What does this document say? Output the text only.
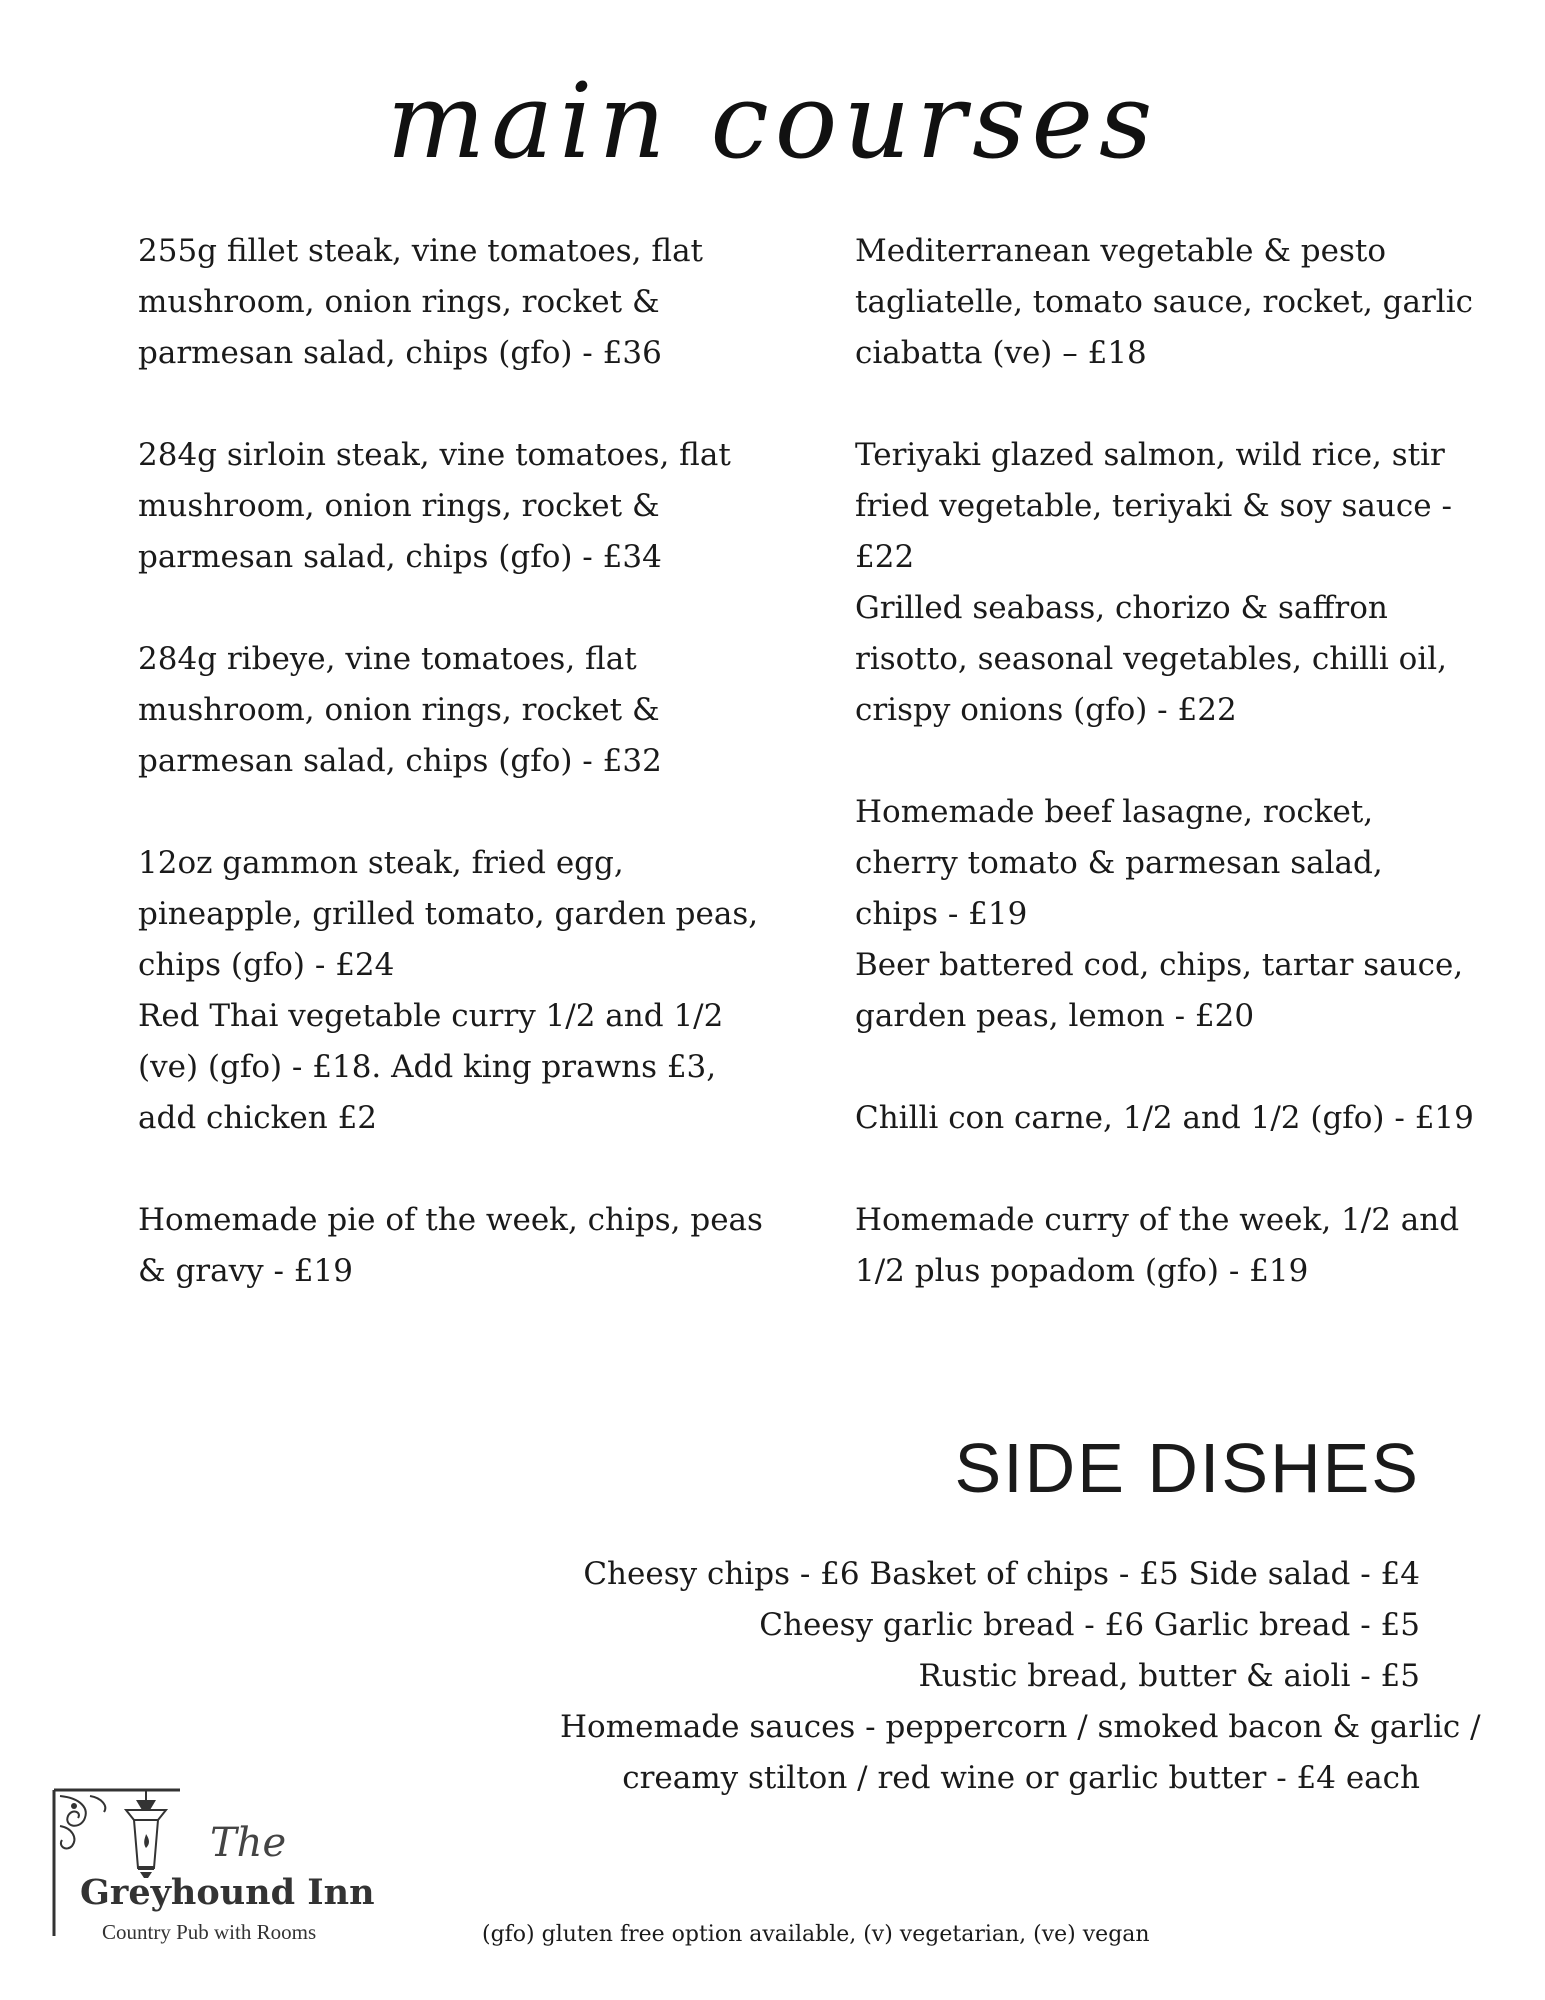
main courses

255g fillet steak, vine tomatoes, flat mushroom, onion rings, rocket & parmesan salad, chips (gfo) - £36

284g sirloin steak, vine tomatoes, flat mushroom, onion rings, rocket & parmesan salad, chips (gfo) - £34

284g ribeye, vine tomatoes, flat mushroom, onion rings, rocket & parmesan salad, chips (gfo) - £32

12oz gammon steak, fried egg, pineapple, grilled tomato, garden peas, chips (gfo) - £24

Red Thai vegetable curry 1/2 and 1/2 (ve) (gfo) - £18. Add king prawns £3, add chicken £2

Homemade pie of the week, chips, peas & gravy - £19

Mediterranean vegetable & pesto tagliatelle, tomato sauce, rocket, garlic ciabatta (ve) – £18

Teriyaki glazed salmon, wild rice, stir fried vegetable, teriyaki & soy sauce - £22

Grilled seabass, chorizo & saffron risotto, seasonal vegetables, chilli oil, crispy onions (gfo) - £22

Homemade beef lasagne, rocket, cherry tomato & parmesan salad, chips - £19

Beer battered cod, chips, tartar sauce, garden peas, lemon - £20

Chilli con carne, 1/2 and 1/2 (gfo) - £19

Homemade curry of the week, 1/2 and 1/2 plus popadom (gfo) - £19

SIDE DISHES

Cheesy chips - £6 Basket of chips - £5 Side salad - £4

Cheesy garlic bread - £6 Garlic bread - £5

Rustic bread, butter & aioli - £5

Homemade sauces - peppercorn / smoked bacon & garlic /

creamy stilton / red wine or garlic butter - £4 each

The
Greyhound Inn
Country Pub with Rooms	(gfo) gluten free option available, (v) vegetarian, (ve) vegan
